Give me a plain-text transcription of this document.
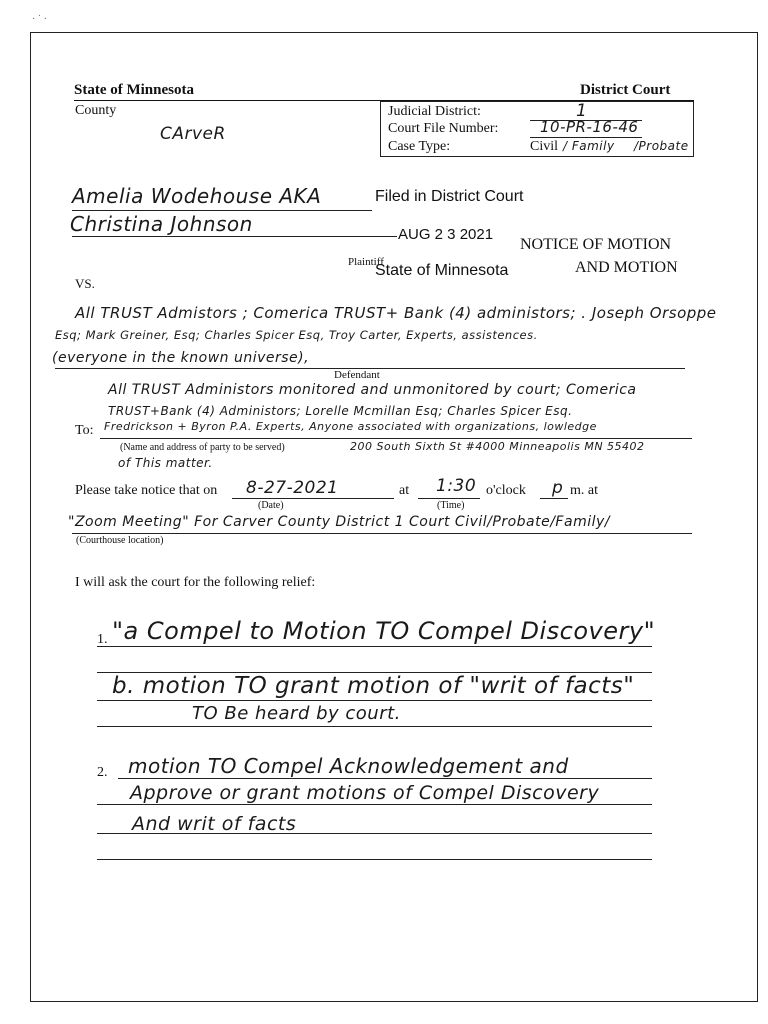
· ˙ ·
State of Minnesota	District Court
County
CArveR
Judicial District:	1
Court File Number:	10-PR-16-46
Case Type:	Civil / Family /Probate
Amelia Wodehouse AKA
Christina Johnson
Plaintiff
Filed in District Court
AUG 2 3 2021
State of Minnesota
NOTICE OF MOTION
AND MOTION
VS.
All TRUST Admistors ; Comerica TRUST+ Bank (4) administors; . Joseph Orsoppe
Esq; Mark Greiner, Esq; Charles Spicer Esq, Troy Carter, Experts, assistences.
(everyone in the known universe),
Defendant
All TRUST Administors monitored and unmonitored by court; Comerica
TRUST+Bank (4) Administors; Lorelle Mcmillan Esq; Charles Spicer Esq.
To: Fredrickson + Byron P.A. Experts, Anyone associated with organizations, lowledge
(Name and address of party to be served)	200 South Sixth St #4000 Minneapolis MN 55402
of This matter.
Please take notice that on 8-27-2021
(Date)
at 1:30
(Time)
o'clock p m. at
"Zoom Meeting" For Carver County District 1 Court Civil/Probate/Family/
(Courthouse location)
I will ask the court for the following relief:
1. "a Compel to Motion TO Compel Discovery"
b. motion TO grant motion of "writ of facts"
TO Be heard by court.
2. motion TO Compel Acknowledgement and
Approve or grant motions of Compel Discovery
And writ of facts
